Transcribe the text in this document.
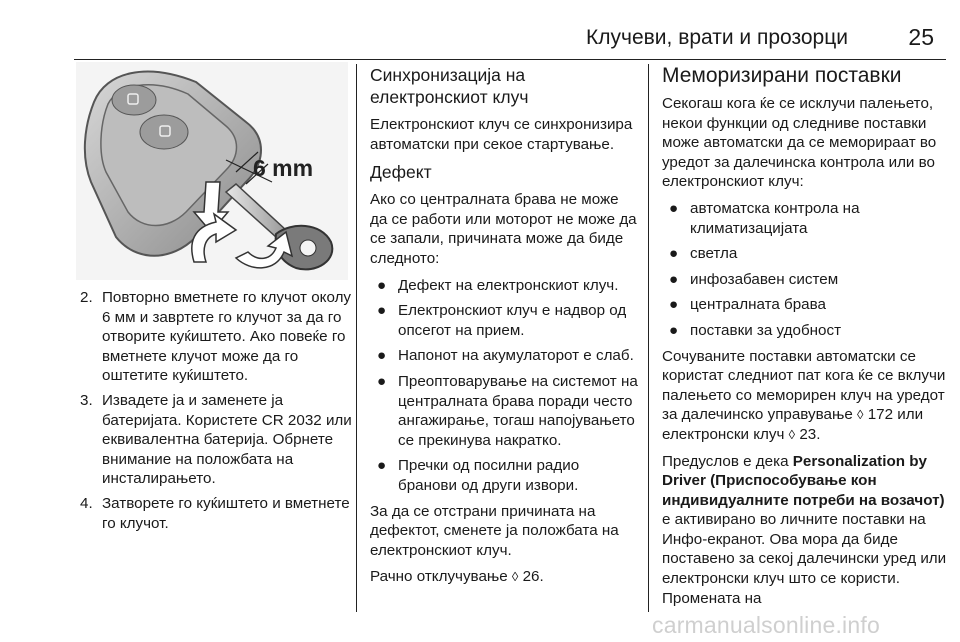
Клучеви, врати и прозорци	25
6 mm
2. Повторно вметнете го клучот околу 6 мм и завртете го клучот за да го отворите куќиштето. Ако повеќе го вметнете клучот може да го оштетите куќиштето.
3. Извадете ја и заменете ја батеријата. Користете CR 2032 или еквивалентна батерија. Обрнете внимание на положбата на инсталирањето.
4. Затворете го куќиштето и вметнете го клучот.
Синхронизација на електронскиот клуч

Електронскиот клуч се синхронизира автоматски при секое стартување.

Дефект

Ако со централната брава не може да се работи или моторот не може да се запали, причината може да биде следното:

● Дефект на електронскиот клуч.
● Електронскиот клуч е надвор од опсегот на прием.
● Напонот на акумулаторот е слаб.
● Преоптоварување на системот на централната брава поради често ангажирање, тогаш напојувањето се прекинува накратко.
● Пречки од посилни радио бранови од други извори.

За да се отстрани причината на дефектот, сменете ја положбата на електронскиот клуч.

Рачно отклучување ◊ 26.

Меморизирани поставки

Секогаш кога ќе се исклучи палењето, некои функции од следниве поставки може автоматски да се меморираат во уредот за далечинска контрола или во електронскиот клуч:

● автоматска контрола на климатизацијата
● светла
● инфозабавен систем
● централната брава
● поставки за удобност

Сочуваните поставки автоматски се користат следниот пат кога ќе се вклучи палењето со меморирен клуч на уредот за далечинско управување ◊ 172 или електронски клуч ◊ 23.

Предуслов е дека Personalization by Driver (Приспособување кон индивидуалните потреби на возачот) е активирано во личните поставки на Инфо-екранот. Ова мора да биде поставено за секој далечински уред или електронски клуч што се користи. Промената на

carmanualsonline.info
